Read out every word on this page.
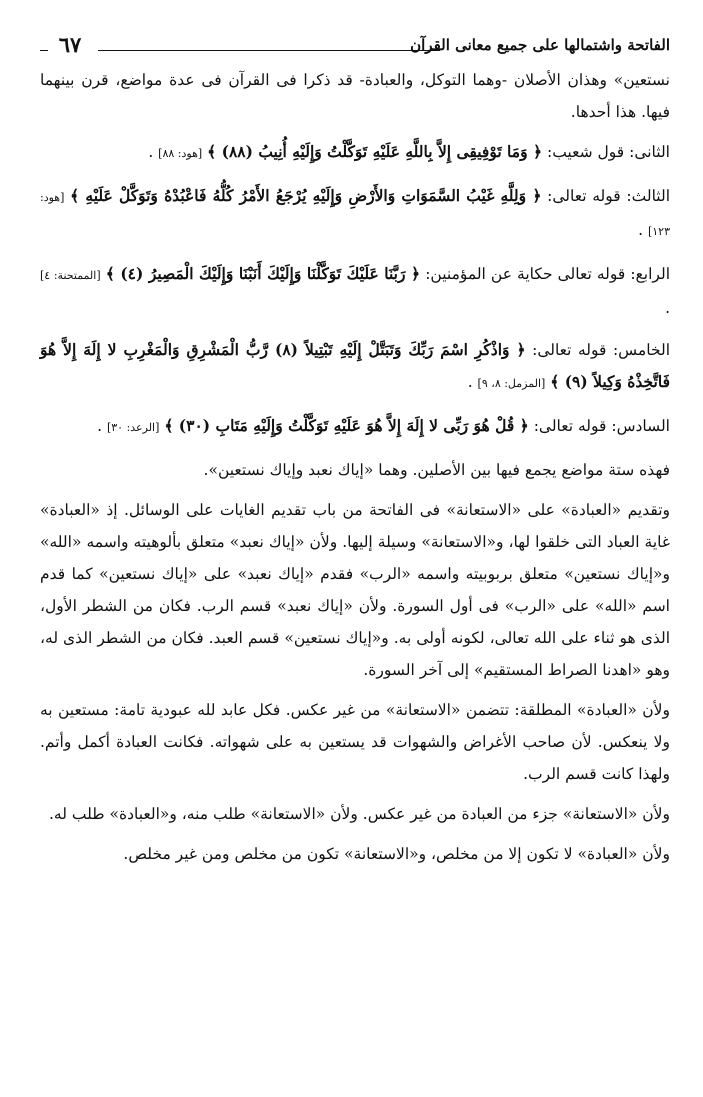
الفاتحة واشتمالها على جميع معانى القرآن
٦٧

نستعين» وهذان الأصلان -وهما التوكل، والعبادة- قد ذكرا فى القرآن فى عدة مواضع، قرن بينهما فيها. هذا أحدها.

الثانى: قول شعيب: ﴿ وَمَا تَوْفِيقِى إِلاَّ بِاللَّهِ عَلَيْهِ تَوَكَّلْتُ وَإِلَيْهِ أُنِيبُ (٨٨) ﴾ [هود: ٨٨] .

الثالث: قوله تعالى: ﴿ وَلِلَّهِ غَيْبُ السَّمَوَاتِ وَالأَرْضِ وَإِلَيْهِ يُرْجَعُ الأَمْرُ كُلُّهُ فَاعْبُدْهُ وَتَوَكَّلْ عَلَيْهِ ﴾ [هود: ١٢٣] .

الرابع: قوله تعالى حكاية عن المؤمنين: ﴿ رَبَّنَا عَلَيْكَ تَوَكَّلْنَا وَإِلَيْكَ أَنَبْنَا وَإِلَيْكَ الْمَصِيرُ (٤) ﴾ [الممتحنة: ٤] .

الخامس: قوله تعالى: ﴿ وَاذْكُرِ اسْمَ رَبِّكَ وَتَبَتَّلْ إِلَيْهِ تَبْتِيلاً (٨) رَّبُّ الْمَشْرِقِ وَالْمَغْرِبِ لا إِلَهَ إِلاَّ هُوَ فَاتَّخِذْهُ وَكِيلاً (٩) ﴾ [المزمل: ٨، ٩] .

السادس: قوله تعالى: ﴿ قُلْ هُوَ رَبِّى لا إِلَهَ إِلاَّ هُوَ عَلَيْهِ تَوَكَّلْتُ وَإِلَيْهِ مَتَابِ (٣٠) ﴾ [الرعد: ٣٠] .

فهذه ستة مواضع يجمع فيها بين الأصلين. وهما «إياك نعبد وإياك نستعين».

وتقديم «العبادة» على «الاستعانة» فى الفاتحة من باب تقديم الغايات على الوسائل. إذ «العبادة» غاية العباد التى خلقوا لها، و«الاستعانة» وسيلة إليها. ولأن «إياك نعبد» متعلق بألوهيته واسمه «الله» و«إياك نستعين» متعلق بربوبيته واسمه «الرب» فقدم «إياك نعبد» على «إياك نستعين» كما قدم اسم «الله» على «الرب» فى أول السورة. ولأن «إياك نعبد» قسم الرب. فكان من الشطر الأول، الذى هو ثناء على الله تعالى، لكونه أولى به. و«إياك نستعين» قسم العبد. فكان من الشطر الذى له، وهو «اهدنا الصراط المستقيم» إلى آخر السورة.

ولأن «العبادة» المطلقة: تتضمن «الاستعانة» من غير عكس. فكل عابد لله عبودية تامة: مستعين به ولا ينعكس. لأن صاحب الأغراض والشهوات قد يستعين به على شهواته. فكانت العبادة أكمل وأتم. ولهذا كانت قسم الرب.

ولأن «الاستعانة» جزء من العبادة من غير عكس. ولأن «الاستعانة» طلب منه، و«العبادة» طلب له.

ولأن «العبادة» لا تكون إلا من مخلص، و«الاستعانة» تكون من مخلص ومن غير مخلص.
